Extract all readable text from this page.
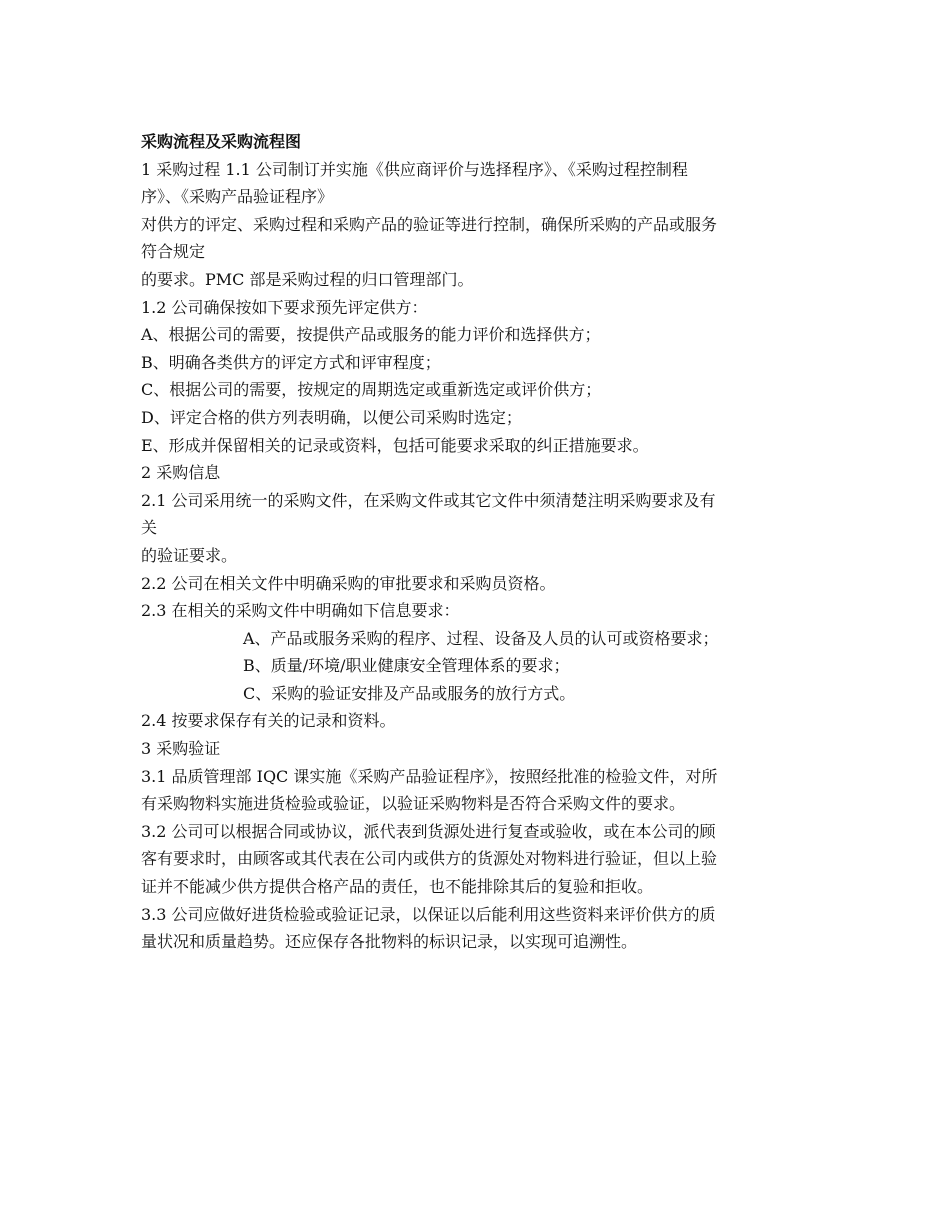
采购流程及采购流程图
1 采购过程 1.1 公司制订并实施《供应商评价与选择程序》、《采购过程控制程
序》、《采购产品验证程序》
对供方的评定、采购过程和采购产品的验证等进行控制，确保所采购的产品或服务
符合规定
的要求。PMC 部是采购过程的归口管理部门。
1.2 公司确保按如下要求预先评定供方：
A、根据公司的需要，按提供产品或服务的能力评价和选择供方；
B、明确各类供方的评定方式和评审程度；
C、根据公司的需要，按规定的周期选定或重新选定或评价供方；
D、评定合格的供方列表明确，以便公司采购时选定；
E、形成并保留相关的记录或资料，包括可能要求采取的纠正措施要求。
2 采购信息
2.1 公司采用统一的采购文件，在采购文件或其它文件中须清楚注明采购要求及有
关
的验证要求。
2.2 公司在相关文件中明确采购的审批要求和采购员资格。
2.3 在相关的采购文件中明确如下信息要求：
A、产品或服务采购的程序、过程、设备及人员的认可或资格要求；
B、质量/环境/职业健康安全管理体系的要求；
C、采购的验证安排及产品或服务的放行方式。
2.4 按要求保存有关的记录和资料。
3 采购验证
3.1 品质管理部 IQC 课实施《采购产品验证程序》，按照经批准的检验文件，对所
有采购物料实施进货检验或验证，以验证采购物料是否符合采购文件的要求。
3.2 公司可以根据合同或协议，派代表到货源处进行复查或验收，或在本公司的顾
客有要求时，由顾客或其代表在公司内或供方的货源处对物料进行验证，但以上验
证并不能减少供方提供合格产品的责任，也不能排除其后的复验和拒收。
3.3 公司应做好进货检验或验证记录，以保证以后能利用这些资料来评价供方的质
量状况和质量趋势。还应保存各批物料的标识记录，以实现可追溯性。
